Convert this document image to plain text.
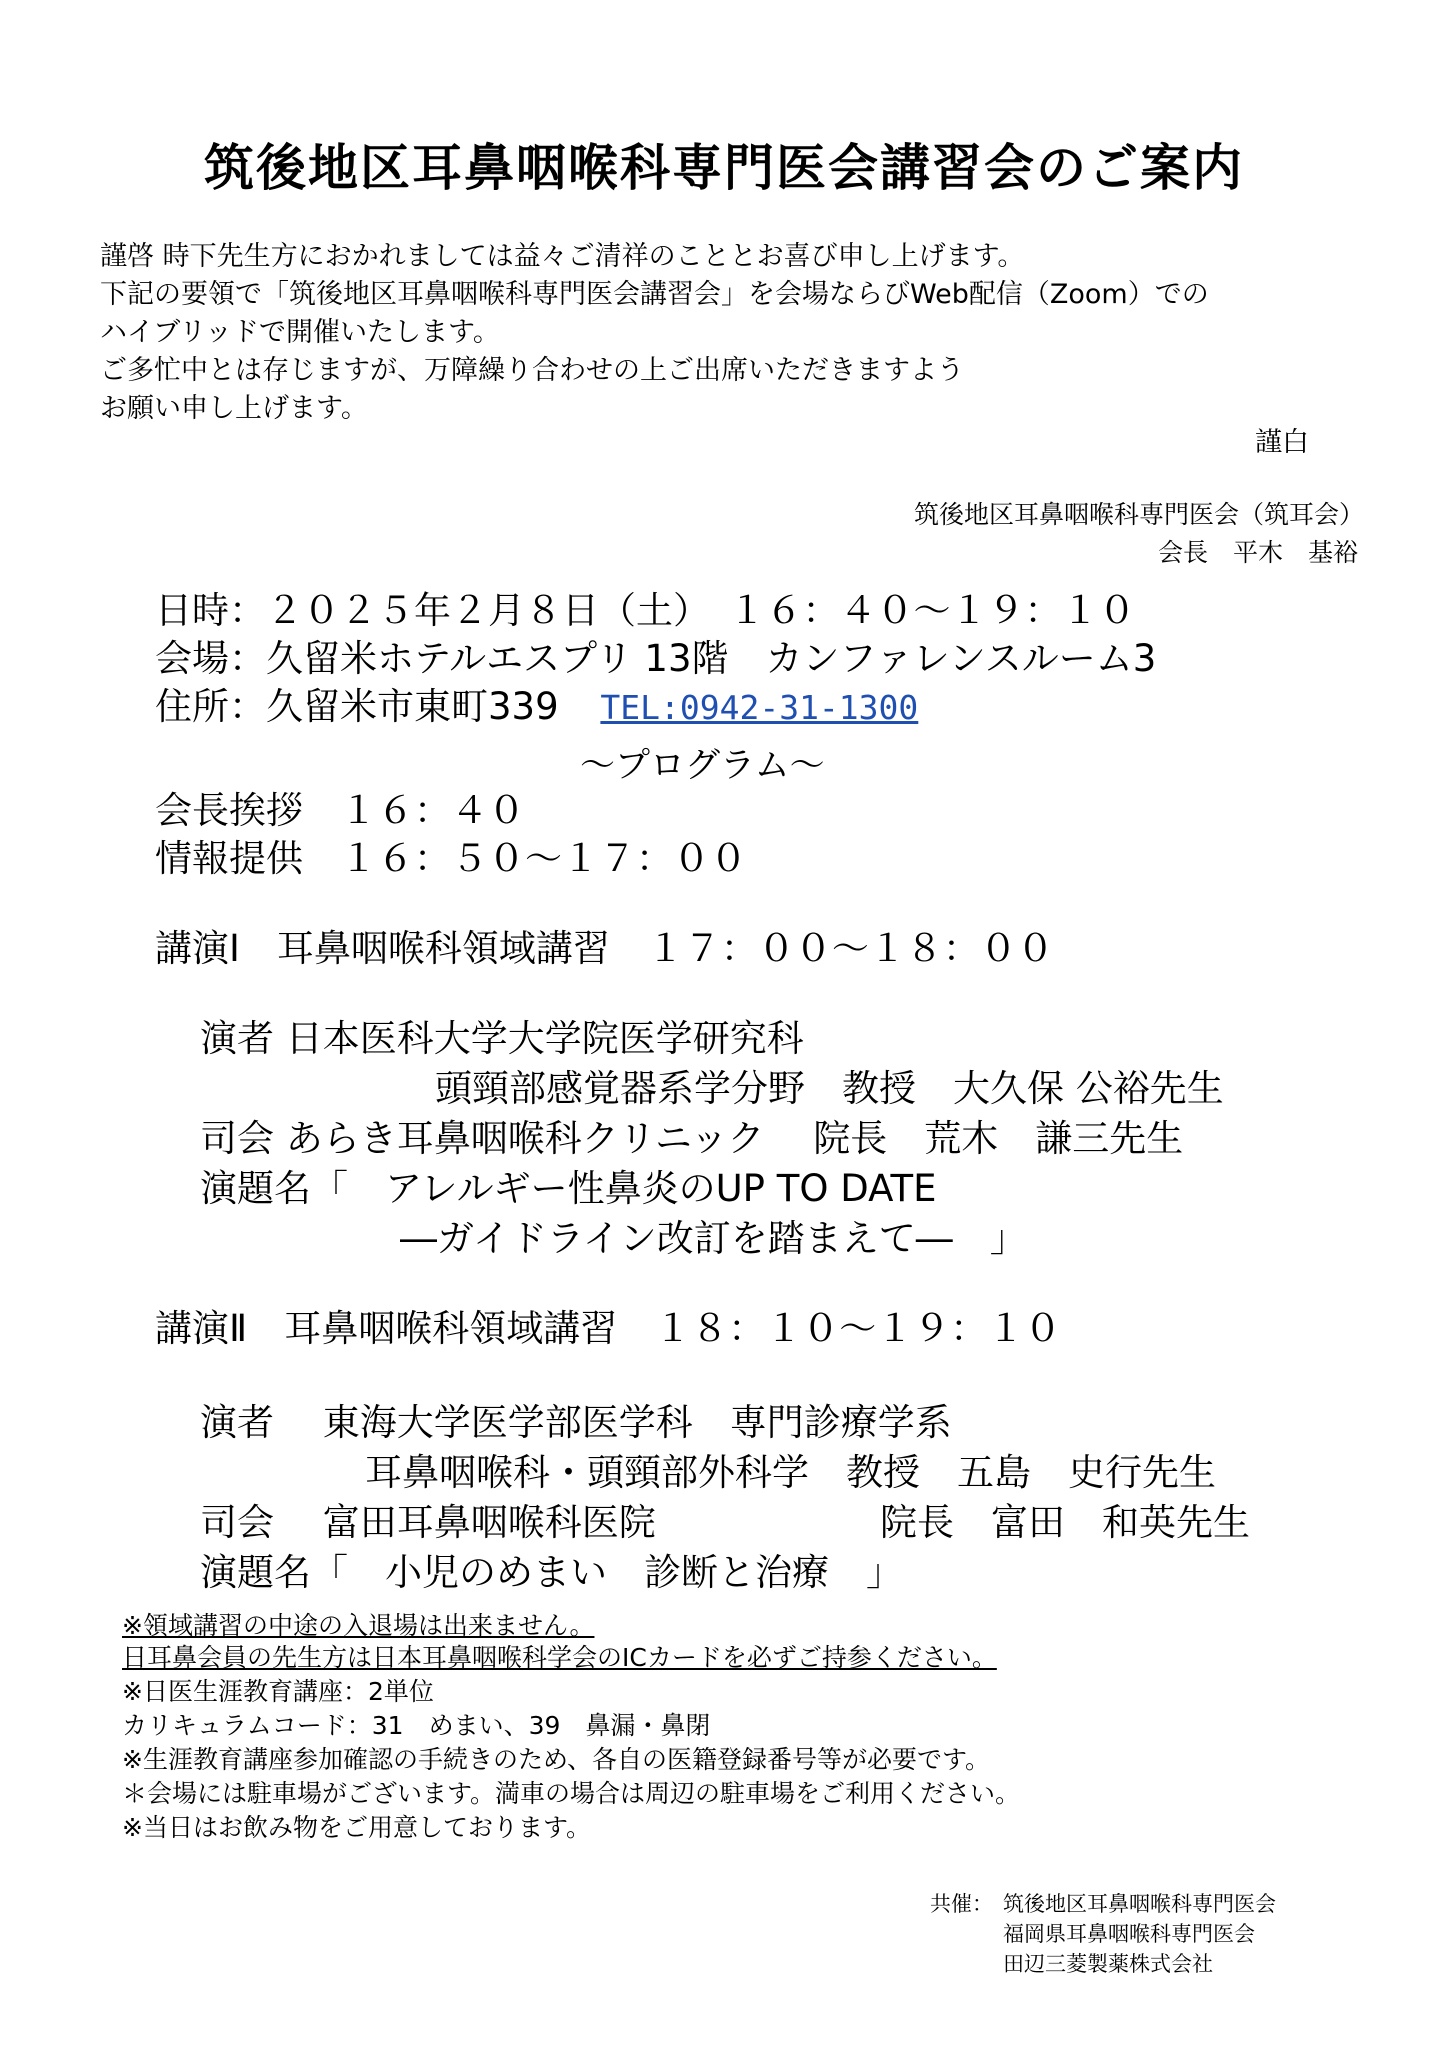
筑後地区耳鼻咽喉科専門医会講習会のご案内
謹啓 時下先生方におかれましては益々ご清祥のこととお喜び申し上げます。
下記の要領で「筑後地区耳鼻咽喉科専門医会講習会」を会場ならびWeb配信（Zoom）での
ハイブリッドで開催いたします。
ご多忙中とは存じますが、万障繰り合わせの上ご出席いただきますよう
お願い申し上げます。
謹白
筑後地区耳鼻咽喉科専門医会（筑耳会）
会長　平木　基裕
日時：２０２５年２月８日（土）　１６：４０～１９：１０
会場：久留米ホテルエスプリ 13階　カンファレンスルーム3
住所：久留米市東町339 TEL:0942-31-1300
～プログラム～
会長挨拶　１６：４０
情報提供　１６：５０～１７：００
講演Ⅰ　耳鼻咽喉科領域講習　１７：００～１８：００
演者 日本医科大学大学院医学研究科
頭頸部感覚器系学分野　教授　大久保 公裕先生
司会 あらき耳鼻咽喉科クリニック　 院長　荒木　謙三先生
演題名「　アレルギー性鼻炎のUP TO DATE
―ガイドライン改訂を踏まえて―　」
講演Ⅱ　耳鼻咽喉科領域講習　１８：１０～１９：１０
演者　 東海大学医学部医学科　専門診療学系
耳鼻咽喉科・頭頸部外科学　教授　五島　史行先生
司会　 富田耳鼻咽喉科医院	院長　富田　和英先生
演題名「　小児のめまい　診断と治療　」
※領域講習の中途の入退場は出来ません。
日耳鼻会員の先生方は日本耳鼻咽喉科学会のICカードを必ずご持参ください。
※日医生涯教育講座：2単位
カリキュラムコード：31　めまい、39　鼻漏・鼻閉
※生涯教育講座参加確認の手続きのため、各自の医籍登録番号等が必要です。
＊会場には駐車場がございます。満車の場合は周辺の駐車場をご利用ください。
※当日はお飲み物をご用意しております。
共催： 筑後地区耳鼻咽喉科専門医会
福岡県耳鼻咽喉科専門医会
田辺三菱製薬株式会社
